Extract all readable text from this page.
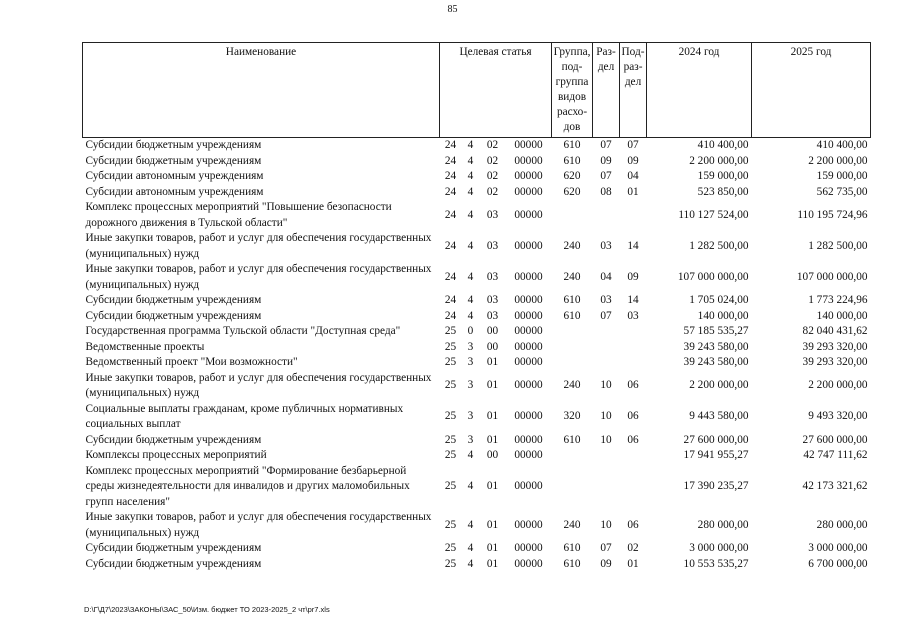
85
Наименование	Целевая статья				Группа, под-группа видов расхо-дов	Раз-дел	Под-раз-дел	2024 год	2025 год
Субсидии бюджетным учреждениям	24	4	02	00000	610	07	07	410 400,00	410 400,00
Субсидии бюджетным учреждениям	24	4	02	00000	610	09	09	2 200 000,00	2 200 000,00
Субсидии автономным учреждениям	24	4	02	00000	620	07	04	159 000,00	159 000,00
Субсидии автономным учреждениям	24	4	02	00000	620	08	01	523 850,00	562 735,00
Комплекс процессных мероприятий "Повышение безопасности дорожного движения в Тульской области"	24	4	03	00000				110 127 524,00	110 195 724,96
Иные закупки товаров, работ и услуг для обеспечения государственных (муниципальных) нужд	24	4	03	00000	240	03	14	1 282 500,00	1 282 500,00
Иные закупки товаров, работ и услуг для обеспечения государственных (муниципальных) нужд	24	4	03	00000	240	04	09	107 000 000,00	107 000 000,00
Субсидии бюджетным учреждениям	24	4	03	00000	610	03	14	1 705 024,00	1 773 224,96
Субсидии бюджетным учреждениям	24	4	03	00000	610	07	03	140 000,00	140 000,00
Государственная программа Тульской области "Доступная среда"	25	0	00	00000				57 185 535,27	82 040 431,62
Ведомственные проекты	25	3	00	00000				39 243 580,00	39 293 320,00
Ведомственный проект "Мои возможности"	25	3	01	00000				39 243 580,00	39 293 320,00
Иные закупки товаров, работ и услуг для обеспечения государственных (муниципальных) нужд	25	3	01	00000	240	10	06	2 200 000,00	2 200 000,00
Социальные выплаты гражданам, кроме публичных нормативных социальных выплат	25	3	01	00000	320	10	06	9 443 580,00	9 493 320,00
Субсидии бюджетным учреждениям	25	3	01	00000	610	10	06	27 600 000,00	27 600 000,00
Комплексы процессных мероприятий	25	4	00	00000				17 941 955,27	42 747 111,62
Комплекс процессных мероприятий "Формирование безбарьерной среды жизнедеятельности для инвалидов и других маломобильных групп населения"	25	4	01	00000				17 390 235,27	42 173 321,62
Иные закупки товаров, работ и услуг для обеспечения государственных (муниципальных) нужд	25	4	01	00000	240	10	06	280 000,00	280 000,00
Субсидии бюджетным учреждениям	25	4	01	00000	610	07	02	3 000 000,00	3 000 000,00
Субсидии бюджетным учреждениям	25	4	01	00000	610	09	01	10 553 535,27	6 700 000,00
D:\Г\Д7\2023\ЗАКОНЫ\ЗАС_50\Изм. бюджет ТО 2023-2025_2 чт\pr7.xls
